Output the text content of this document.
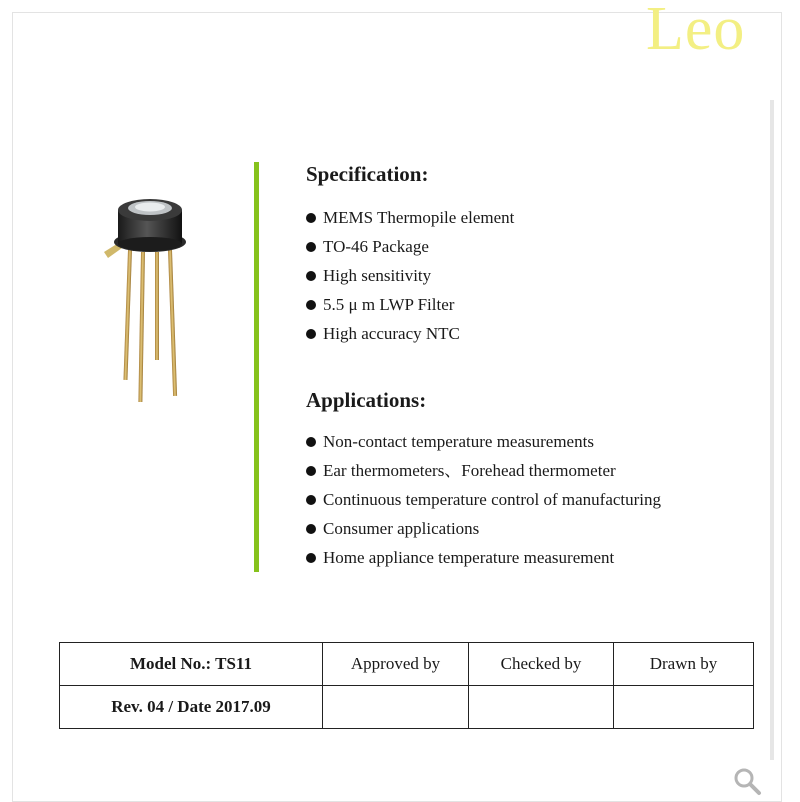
Leo
Specification:
MEMS Thermopile element
TO-46 Package
High sensitivity
5.5 μ m LWP Filter
High accuracy NTC
Applications:
Non-contact temperature measurements
Ear thermometers、Forehead thermometer
Continuous temperature control of manufacturing
Consumer applications
Home appliance temperature measurement
Model No.: TS11	Approved by	Checked by	Drawn by
Rev. 04 / Date 2017.09			
